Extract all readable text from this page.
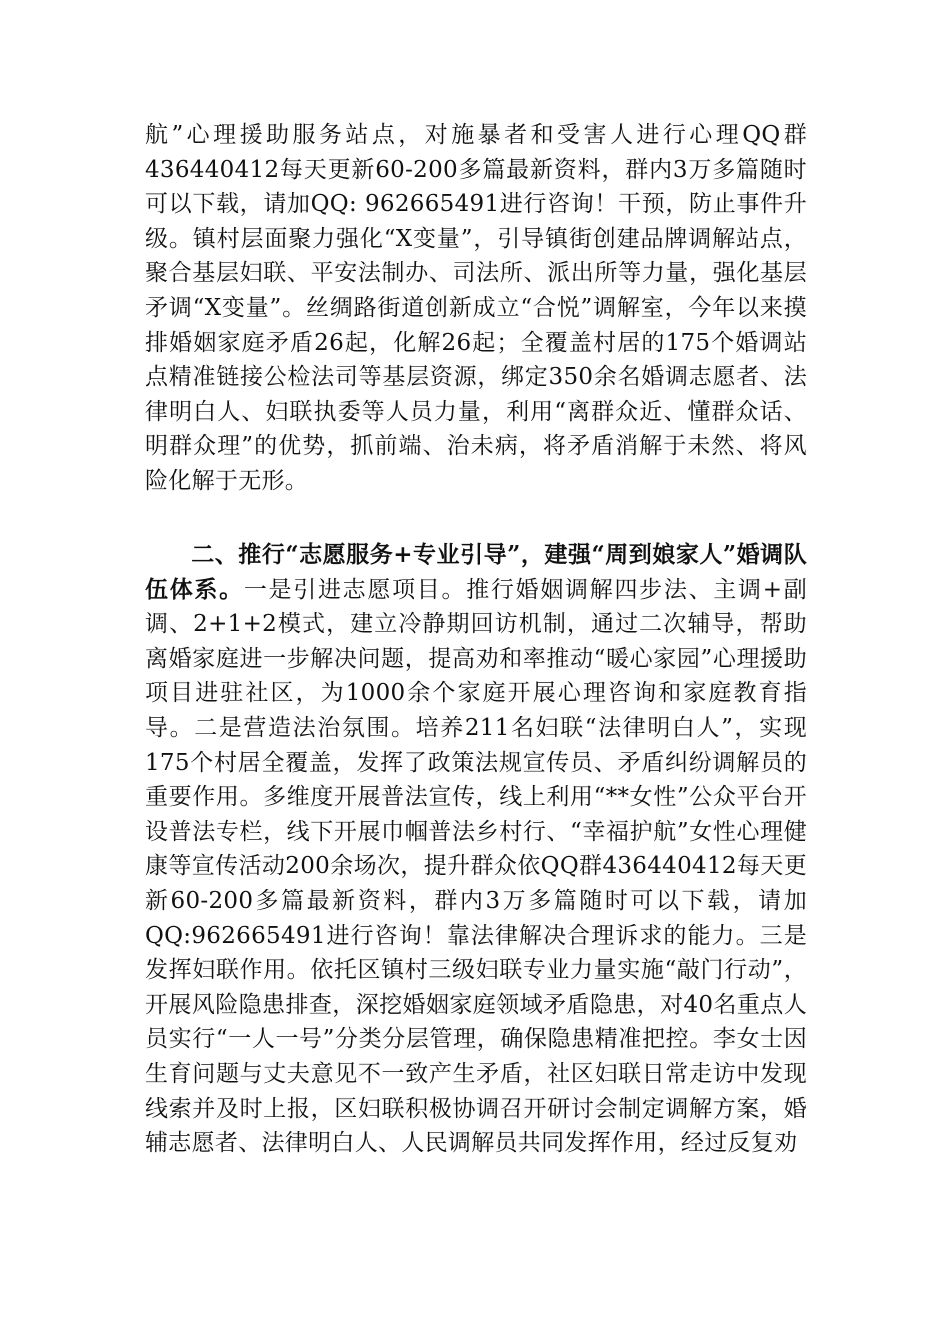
航”心理援助服务站点，对施暴者和受害人进行心理QQ群436440412每天更新60-200多篇最新资料，群内3万多篇随时可以下载，请加QQ: 962665491进行咨询！干预，防止事件升级。镇村层面聚力强化“X变量”，引导镇街创建品牌调解站点，聚合基层妇联、平安法制办、司法所、派出所等力量，强化基层矛调“X变量”。丝绸路街道创新成立“合悦”调解室，今年以来摸排婚姻家庭矛盾26起，化解26起；全覆盖村居的175个婚调站点精准链接公检法司等基层资源，绑定350余名婚调志愿者、法律明白人、妇联执委等人员力量，利用“离群众近、懂群众话、明群众理”的优势，抓前端、治未病，将矛盾消解于未然、将风险化解于无形。
二、推行“志愿服务+专业引导”，建强“周到娘家人”婚调队伍体系。一是引进志愿项目。推行婚姻调解四步法、主调+副调、2+1+2模式，建立冷静期回访机制，通过二次辅导，帮助离婚家庭进一步解决问题，提高劝和率推动“暖心家园”心理援助项目进驻社区，为1000余个家庭开展心理咨询和家庭教育指导。二是营造法治氛围。培养211名妇联“法律明白人”，实现175个村居全覆盖，发挥了政策法规宣传员、矛盾纠纷调解员的重要作用。多维度开展普法宣传，线上利用“**女性”公众平台开设普法专栏，线下开展巾帼普法乡村行、“幸福护航”女性心理健康等宣传活动200余场次，提升群众依QQ群436440412每天更新60-200多篇最新资料，群内3万多篇随时可以下载，请加QQ:962665491进行咨询！靠法律解决合理诉求的能力。三是发挥妇联作用。依托区镇村三级妇联专业力量实施“敲门行动”，开展风险隐患排查，深挖婚姻家庭领域矛盾隐患，对40名重点人员实行“一人一号”分类分层管理，确保隐患精准把控。李女士因生育问题与丈夫意见不一致产生矛盾，社区妇联日常走访中发现线索并及时上报，区妇联积极协调召开研讨会制定调解方案，婚辅志愿者、法律明白人、人民调解员共同发挥作用，经过反复劝
